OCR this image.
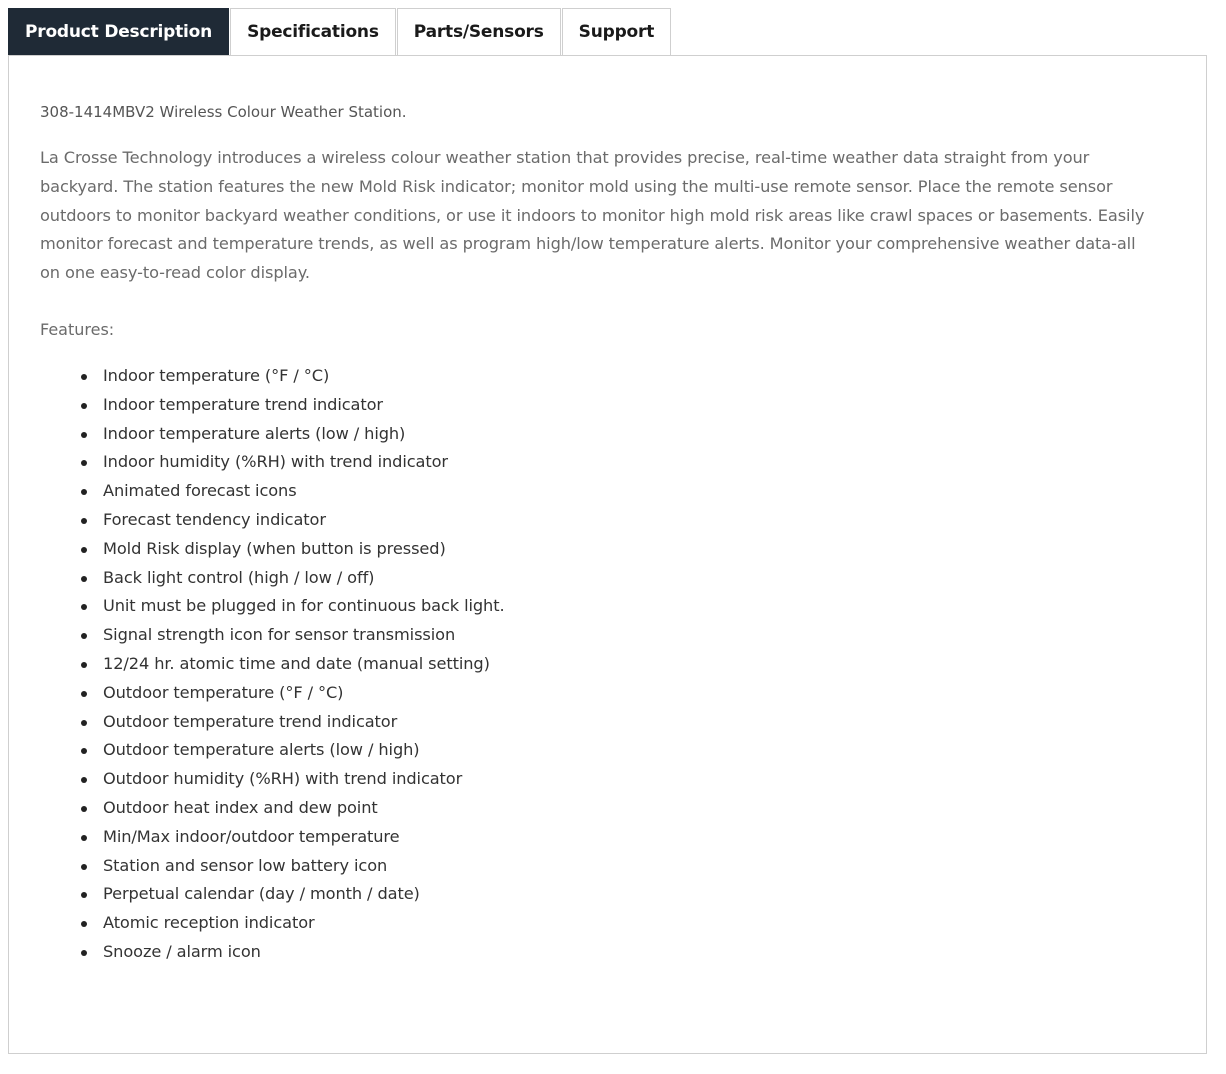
Product Description	Specifications	Parts/Sensors	Support

308-1414MBV2 Wireless Colour Weather Station.

La Crosse Technology introduces a wireless colour weather station that provides precise, real-time weather data straight from your backyard. The station features the new Mold Risk indicator; monitor mold using the multi-use remote sensor. Place the remote sensor outdoors to monitor backyard weather conditions, or use it indoors to monitor high mold risk areas like crawl spaces or basements. Easily monitor forecast and temperature trends, as well as program high/low temperature alerts. Monitor your comprehensive weather data-all on one easy-to-read color display.

Features:

Indoor temperature (°F / °C)
Indoor temperature trend indicator
Indoor temperature alerts (low / high)
Indoor humidity (%RH) with trend indicator
Animated forecast icons
Forecast tendency indicator
Mold Risk display (when button is pressed)
Back light control (high / low / off)
Unit must be plugged in for continuous back light.
Signal strength icon for sensor transmission
12/24 hr. atomic time and date (manual setting)
Outdoor temperature (°F / °C)
Outdoor temperature trend indicator
Outdoor temperature alerts (low / high)
Outdoor humidity (%RH) with trend indicator
Outdoor heat index and dew point
Min/Max indoor/outdoor temperature
Station and sensor low battery icon
Perpetual calendar (day / month / date)
Atomic reception indicator
Snooze / alarm icon
